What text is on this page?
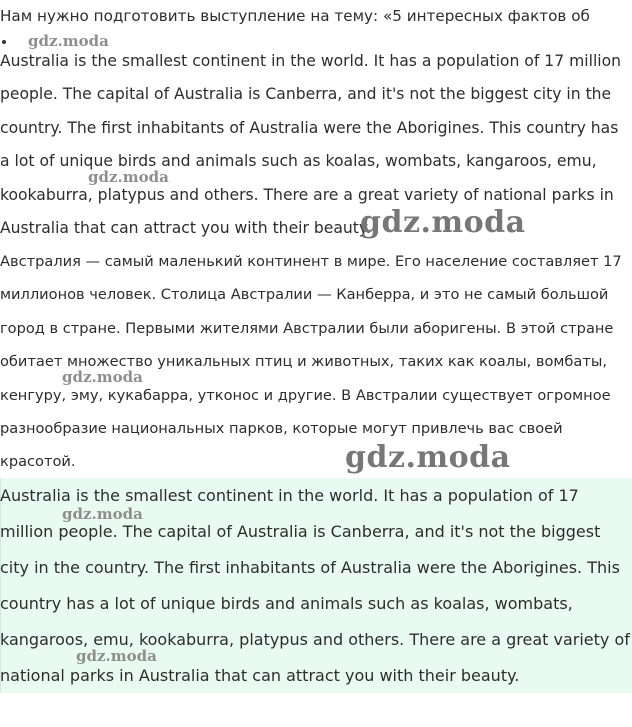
Нам нужно подготовить выступление на тему: «5 интересных фактов об

Australia is the smallest continent in the world. It has a population of 17 million people. The capital of Australia is Canberra, and it's not the biggest city in the country. The first inhabitants of Australia were the Aborigines. This country has a lot of unique birds and animals such as koalas, wombats, kangaroos, emu, kookaburra, platypus and others. There are a great variety of national parks in Australia that can attract you with their beauty.

Австралия — самый маленький континент в мире. Его население составляет 17 миллионов человек. Столица Австралии — Канберра, и это не самый большой город в стране. Первыми жителями Австралии были аборигены. В этой стране обитает множество уникальных птиц и животных, таких как коалы, вомбаты, кенгуру, эму, кукабарра, утконос и другие. В Австралии существует огромное разнообразие национальных парков, которые могут привлечь вас своей красотой.

Australia is the smallest continent in the world. It has a population of 17 million people. The capital of Australia is Canberra, and it's not the biggest city in the country. The first inhabitants of Australia were the Aborigines. This country has a lot of unique birds and animals such as koalas, wombats, kangaroos, emu, kookaburra, platypus and others. There are a great variety of national parks in Australia that can attract you with their beauty.

gdz.moda
gdz.moda
gdz.moda
gdz.moda
gdz.moda
gdz.moda
gdz.moda
